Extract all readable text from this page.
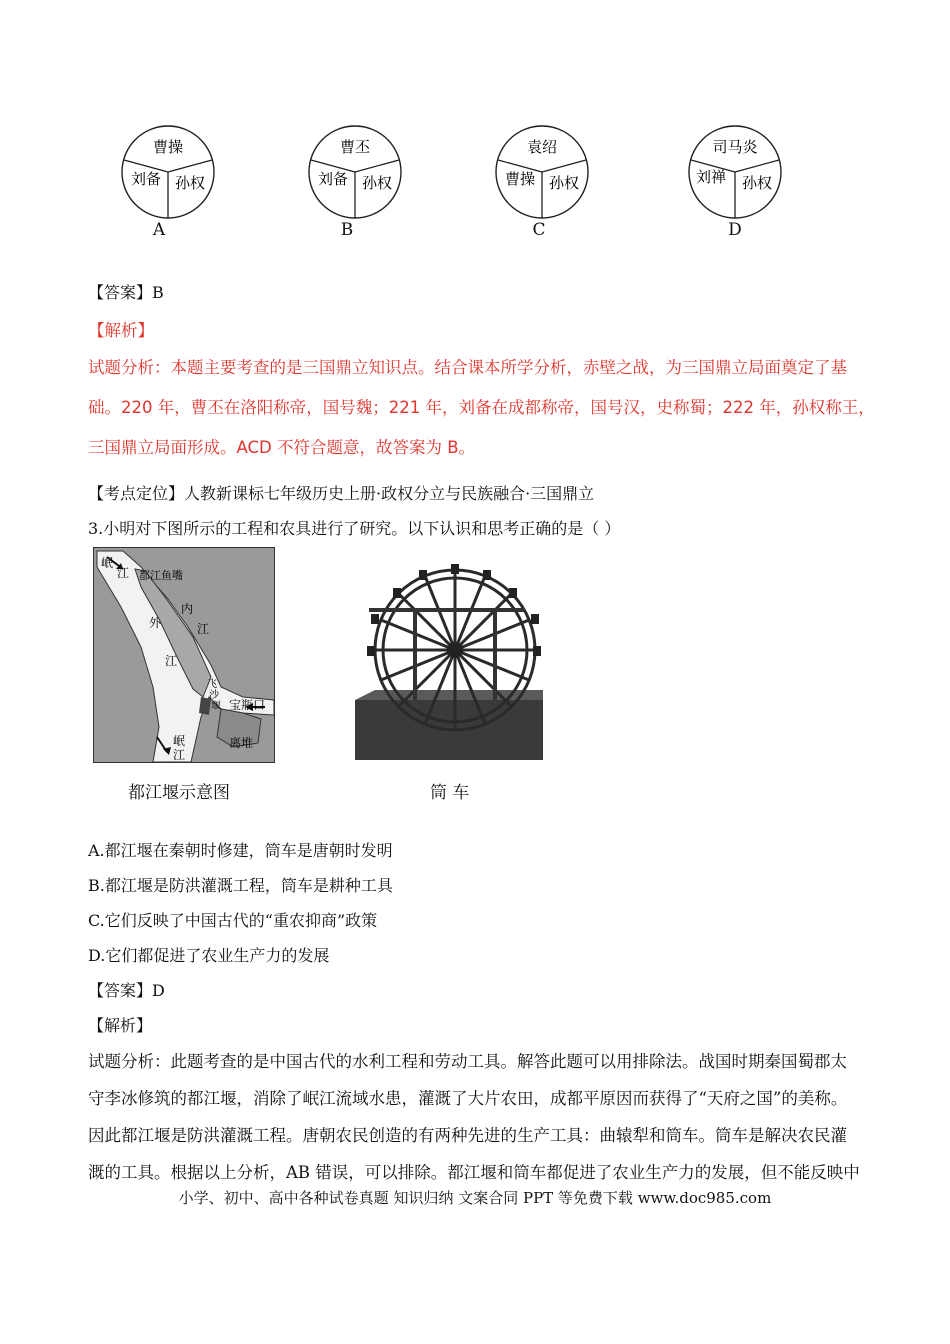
曹操
刘备 孙权
A
曹丕
刘备 孙权
B
袁绍
曹操 孙权
C
司马炎
刘禅 孙权
D
【答案】B
【解析】
试题分析：本题主要考查的是三国鼎立知识点。结合课本所学分析，赤壁之战，为三国鼎立局面奠定了基
础。220 年，曹丕在洛阳称帝，国号魏；221 年，刘备在成都称帝，国号汉，史称蜀；222 年，孙权称王，
三国鼎立局面形成。ACD 不符合题意，故答案为 B。
【考点定位】人教新课标七年级历史上册·政权分立与民族融合·三国鼎立
3.小明对下图所示的工程和农具进行了研究。以下认识和思考正确的是（ ）
岷
江 都江鱼嘴
内
江
外
江
飞
沙
堰 宝瓶口
离堆
岷
江
都江堰示意图	筒 车
A.都江堰在秦朝时修建，筒车是唐朝时发明
B.都江堰是防洪灌溉工程，筒车是耕种工具
C.它们反映了中国古代的“重农抑商”政策
D.它们都促进了农业生产力的发展
【答案】D
【解析】
试题分析：此题考查的是中国古代的水利工程和劳动工具。解答此题可以用排除法。战国时期秦国蜀郡太
守李冰修筑的都江堰，消除了岷江流域水患，灌溉了大片农田，成都平原因而获得了“天府之国”的美称。
因此都江堰是防洪灌溉工程。唐朝农民创造的有两种先进的生产工具：曲辕犁和筒车。筒车是解决农民灌
溉的工具。根据以上分析，AB 错误，可以排除。都江堰和筒车都促进了农业生产力的发展，但不能反映中
小学、初中、高中各种试卷真题 知识归纳 文案合同 PPT 等免费下载 www.doc985.com
